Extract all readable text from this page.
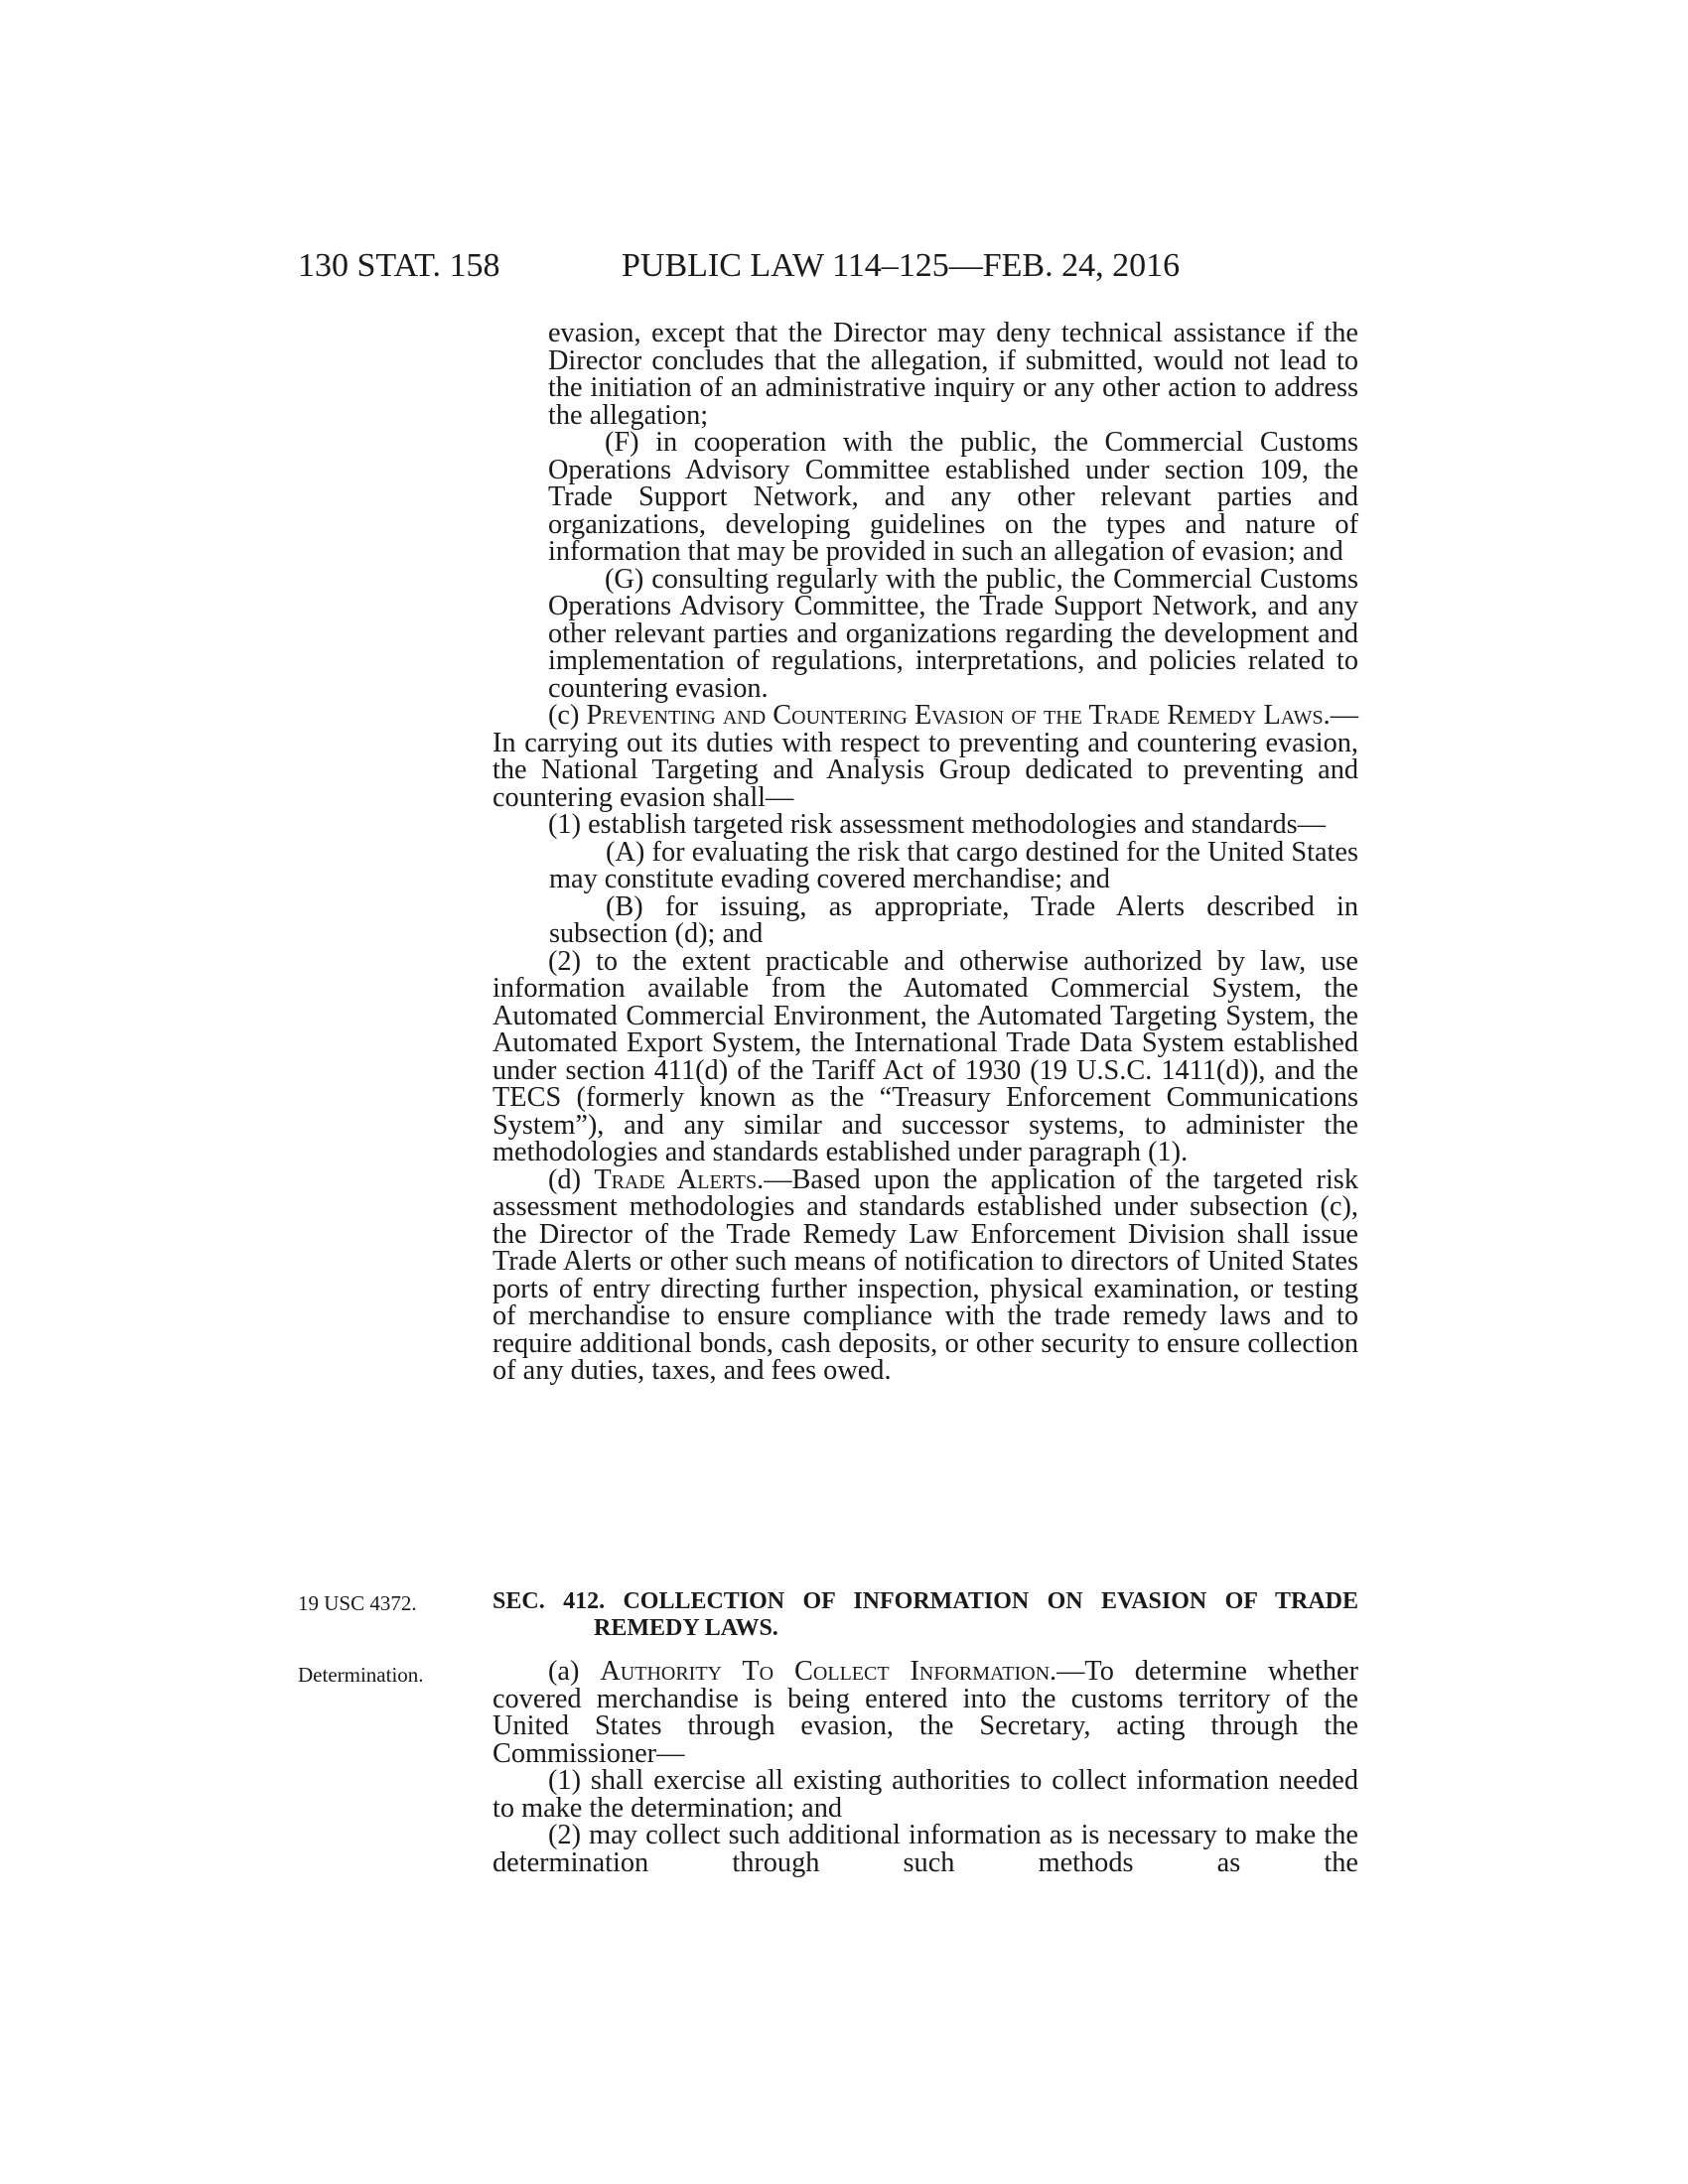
130 STAT. 158	PUBLIC LAW 114–125—FEB. 24, 2016

evasion, except that the Director may deny technical assistance if the Director concludes that the allegation, if submitted, would not lead to the initiation of an administrative inquiry or any other action to address the allegation;

(F) in cooperation with the public, the Commercial Customs Operations Advisory Committee established under section 109, the Trade Support Network, and any other relevant parties and organizations, developing guidelines on the types and nature of information that may be provided in such an allegation of evasion; and

(G) consulting regularly with the public, the Commercial Customs Operations Advisory Committee, the Trade Support Network, and any other relevant parties and organizations regarding the development and implementation of regulations, interpretations, and policies related to countering evasion.

(c) Preventing and Countering Evasion of the Trade Remedy Laws.—In carrying out its duties with respect to preventing and countering evasion, the National Targeting and Analysis Group dedicated to preventing and countering evasion shall—

(1) establish targeted risk assessment methodologies and standards—

(A) for evaluating the risk that cargo destined for the United States may constitute evading covered merchandise; and

(B) for issuing, as appropriate, Trade Alerts described in subsection (d); and

(2) to the extent practicable and otherwise authorized by law, use information available from the Automated Commercial System, the Automated Commercial Environment, the Automated Targeting System, the Automated Export System, the International Trade Data System established under section 411(d) of the Tariff Act of 1930 (19 U.S.C. 1411(d)), and the TECS (formerly known as the “Treasury Enforcement Communications System”), and any similar and successor systems, to administer the methodologies and standards established under paragraph (1).

(d) Trade Alerts.—Based upon the application of the targeted risk assessment methodologies and standards established under subsection (c), the Director of the Trade Remedy Law Enforcement Division shall issue Trade Alerts or other such means of notification to directors of United States ports of entry directing further inspection, physical examination, or testing of merchandise to ensure compliance with the trade remedy laws and to require additional bonds, cash deposits, or other security to ensure collection of any duties, taxes, and fees owed.

19 USC 4372.	SEC. 412. COLLECTION OF INFORMATION ON EVASION OF TRADE REMEDY LAWS.

Determination.	(a) Authority To Collect Information.—To determine whether covered merchandise is being entered into the customs territory of the United States through evasion, the Secretary, acting through the Commissioner—

(1) shall exercise all existing authorities to collect information needed to make the determination; and

(2) may collect such additional information as is necessary to make the determination through such methods as the
